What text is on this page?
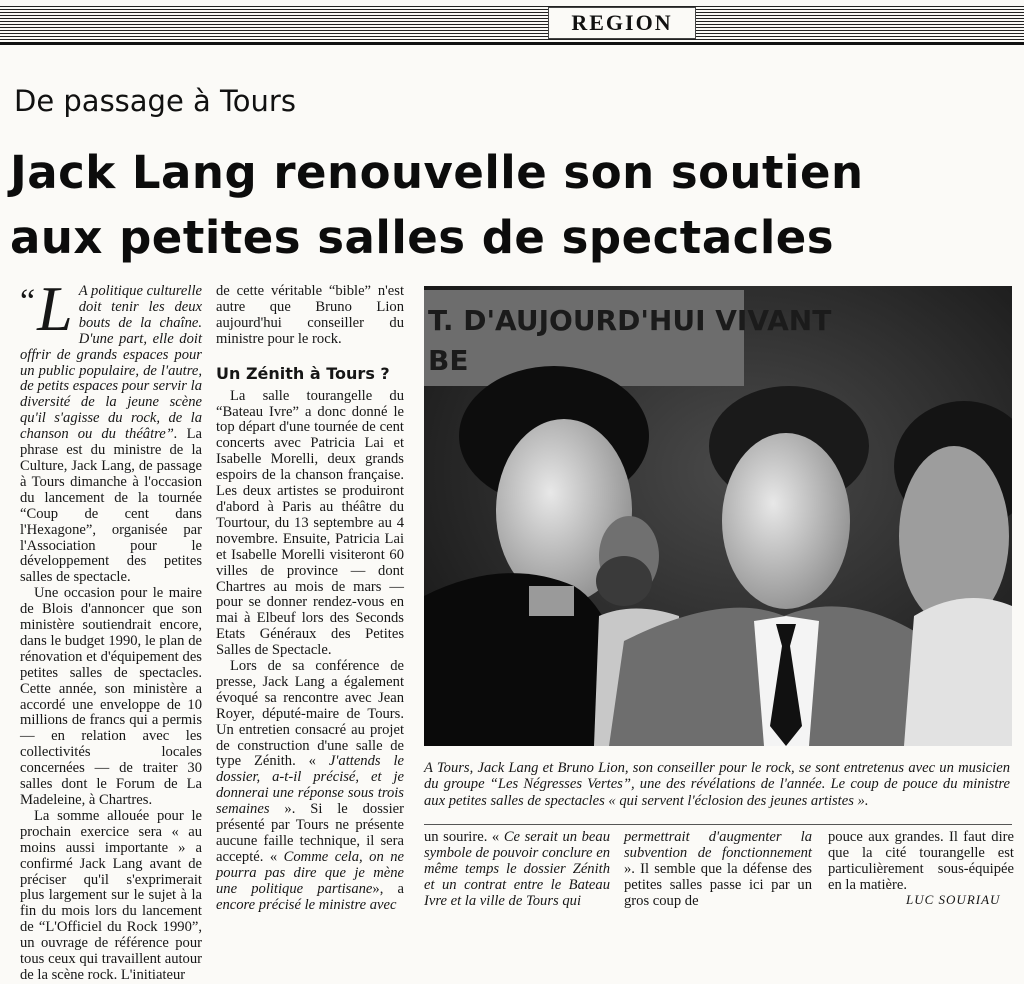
REGION
De passage à Tours
Jack Lang renouvelle son soutien
aux petites salles de spectacles

“ L A politique culturelle doit tenir les deux bouts de la chaîne. D'une part, elle doit offrir de grands espaces pour un public populaire, de l'autre, de petits espaces pour servir la diversité de la jeune scène qu'il s'agisse du rock, de la chanson ou du théâtre”. La phrase est du ministre de la Culture, Jack Lang, de passage à Tours dimanche à l'occasion du lancement de la tournée “Coup de cent dans l'Hexagone”, organisée par l'Association pour le développement des petites salles de spectacle.

Une occasion pour le maire de Blois d'annoncer que son ministère soutiendrait encore, dans le budget 1990, le plan de rénovation et d'équipement des petites salles de spectacles. Cette année, son ministère a accordé une enveloppe de 10 millions de francs qui a permis — en relation avec les collectivités locales concernées — de traiter 30 salles dont le Forum de La Madeleine, à Chartres.

La somme allouée pour le prochain exercice sera « au moins aussi importante » a confirmé Jack Lang avant de préciser qu'il s'exprimerait plus largement sur le sujet à la fin du mois lors du lancement de “L'Officiel du Rock 1990”, un ouvrage de référence pour tous ceux qui travaillent autour de la scène rock. L'initiateur

de cette véritable “bible” n'est autre que Bruno Lion aujourd'hui conseiller du ministre pour le rock.

Un Zénith à Tours ?

La salle tourangelle du “Bateau Ivre” a donc donné le top départ d'une tournée de cent concerts avec Patricia Lai et Isabelle Morelli, deux grands espoirs de la chanson française. Les deux artistes se produiront d'abord à Paris au théâtre du Tourtour, du 13 septembre au 4 novembre. Ensuite, Patricia Lai et Isabelle Morelli visiteront 60 villes de province — dont Chartres au mois de mars — pour se donner rendez-vous en mai à Elbeuf lors des Seconds Etats Généraux des Petites Salles de Spectacle.

Lors de sa conférence de presse, Jack Lang a également évoqué sa rencontre avec Jean Royer, député-maire de Tours. Un entretien consacré au projet de construction d'une salle de type Zénith. « J'attends le dossier, a-t-il précisé, et je donnerai une réponse sous trois semaines ». Si le dossier présenté par Tours ne présente aucune faille technique, il sera accepté. « Comme cela, on ne pourra pas dire que je mène une politique partisane», a encore précisé le ministre avec

T. D'AUJOURD'HUI VIVANT
BE
A Tours, Jack Lang et Bruno Lion, son conseiller pour le rock, se sont entretenus avec un musicien du groupe “Les Négresses Vertes”, une des révélations de l'année. Le coup de pouce du ministre aux petites salles de spectacles « qui servent l'éclosion des jeunes artistes ».

un sourire. « Ce serait un beau symbole de pouvoir conclure en même temps le dossier Zénith et un contrat entre le Bateau Ivre et la ville de Tours qui

permettrait d'augmenter la subvention de fonctionnement ». Il semble que la défense des petites salles passe ici par un gros coup de

pouce aux grandes. Il faut dire que la cité tourangelle est particulièrement sous-équipée en la matière.

LUC SOURIAU
